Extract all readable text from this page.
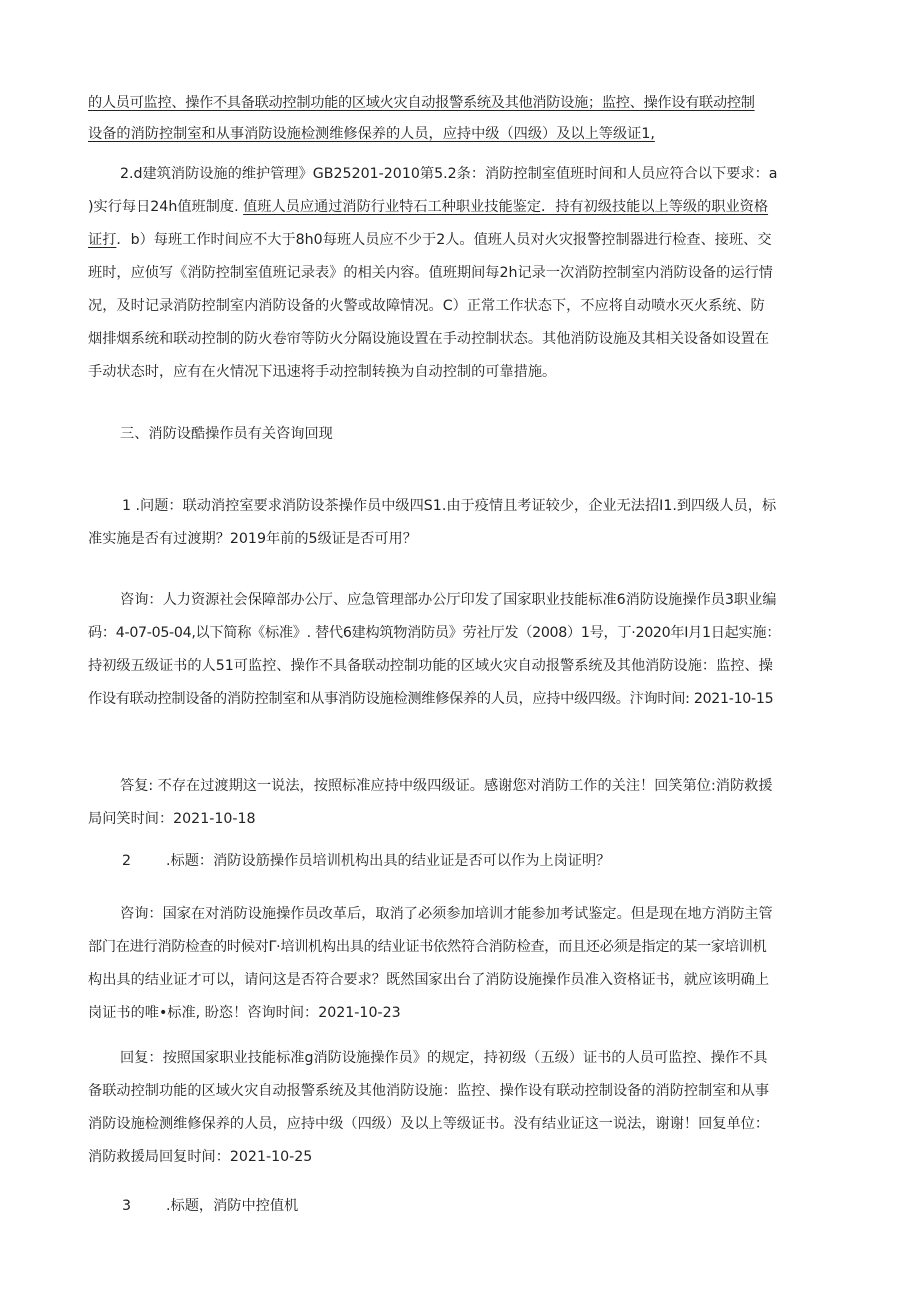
的人员可监控、操作不具备联动控制功能的区域火灾自动报警系统及其他消防设施；监控、操作设有联动控制
设备的消防控制室和从事消防设施检测维修保养的人员，应持中级（四级）及以上等级证1,
2.d建筑消防设施的维护管理》GB25201-2010第5.2条：消防控制室值班时间和人员应符合以下要求：a
)实行每日24h值班制度. 值班人员应通过消防行业特石工种职业技能鉴定．持有初级技能以上等级的职业资格
证打．b）每班工作时间应不大于8h0每班人员应不少于2人。值班人员对火灾报警控制器进行检查、接班、交
班时，应侦写《消防控制室值班记录表》的相关内容。值班期间每2h记录一次消防控制室内消防设备的运行情
况，及时记录消防控制室内消防设备的火警或故障情况。C）正常工作状态下，不应将自动喷水灭火系统、防
烟排烟系统和联动控制的防火卷帘等防火分隔设施设置在手动控制状态。其他消防设施及其相关设备如设置在
手动状态时，应有在火情况下迅速将手动控制转换为自动控制的可靠措施。
三、消防设酷操作员有关咨询回现
1 .问题：联动消控室要求消防设茶操作员中级四S1.由于疫情且考证较少，企业无法招I1.到四级人员，标
准实施是否有过渡期？2019年前的5级证是否可用？
咨询：人力资源社会保障部办公厅、应急管理部办公厅印发了国家职业技能标准6消防设施操作员3职业编
码：4-07-05-04,以下简称《标准》. 替代6建构筑物消防员》劳社厅发（2008）1号，丁·2020年Ⅰ月1日起实施：
持初级五级证书的人51可监控、操作不具备联动控制功能的区域火灾自动报警系统及其他消防设施：监控、操
作设有联动控制设备的消防控制室和从事消防设施检测维修保养的人员，应持中级四级。汴询时间: 2021-10-15
答复: 不存在过渡期这一说法，按照标准应持中级四级证。感谢您对消防工作的关注！回笑第位:消防救援
局问笑时间：2021-10-18
2 .标题：消防设筋操作员培训机构出具的结业证是否可以作为上岗证明？
咨询：国家在对消防设施操作员改革后，取消了必须参加培训才能参加考试鉴定。但是现在地方消防主管
部门在进行消防检查的时候对Γ·培训机构出具的结业证书依然符合消防检查，而且还必须是指定的某一家培训机
构出具的结业证才可以，请问这是否符合要求？既然国家出台了消防设施操作员准入资格证书，就应该明确上
岗证书的唯•标准, 盼恣！咨询时间：2021-10-23
回复：按照国家职业技能标准g消防设施操作员》的规定，持初级（五级）证书的人员可监控、操作不具
备联动控制功能的区域火灾自动报警系统及其他消防设施：监控、操作设有联动控制设备的消防控制室和从事
消防设施检测维修保养的人员，应持中级（四级）及以上等级证书。没有结业证这一说法，谢谢！回复单位：
消防救援局回复时间：2021-10-25
3 .标题，消防中控值机
